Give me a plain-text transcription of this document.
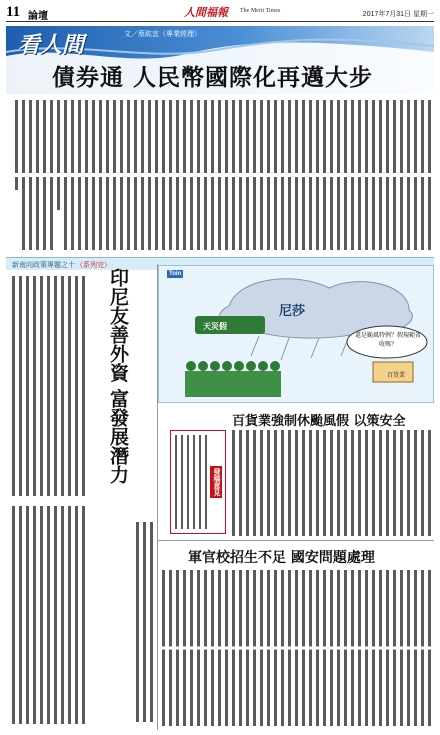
11 論壇	人間福報 The Merit Times	2017年7月31日 星期一
看人間	文／蔡紘宜（專業經理）
債券通 人民幣國際化再邁大步
新南向政策專題之十 （系列完）
印尼友善外資 富發展潛力	Toin
尼莎
天災假
還是颱風特例？假規範省收嗎？
百貨業
百貨業強制休颱風假 以策安全
發稿意見
軍官校招生不足 國安問題處理
